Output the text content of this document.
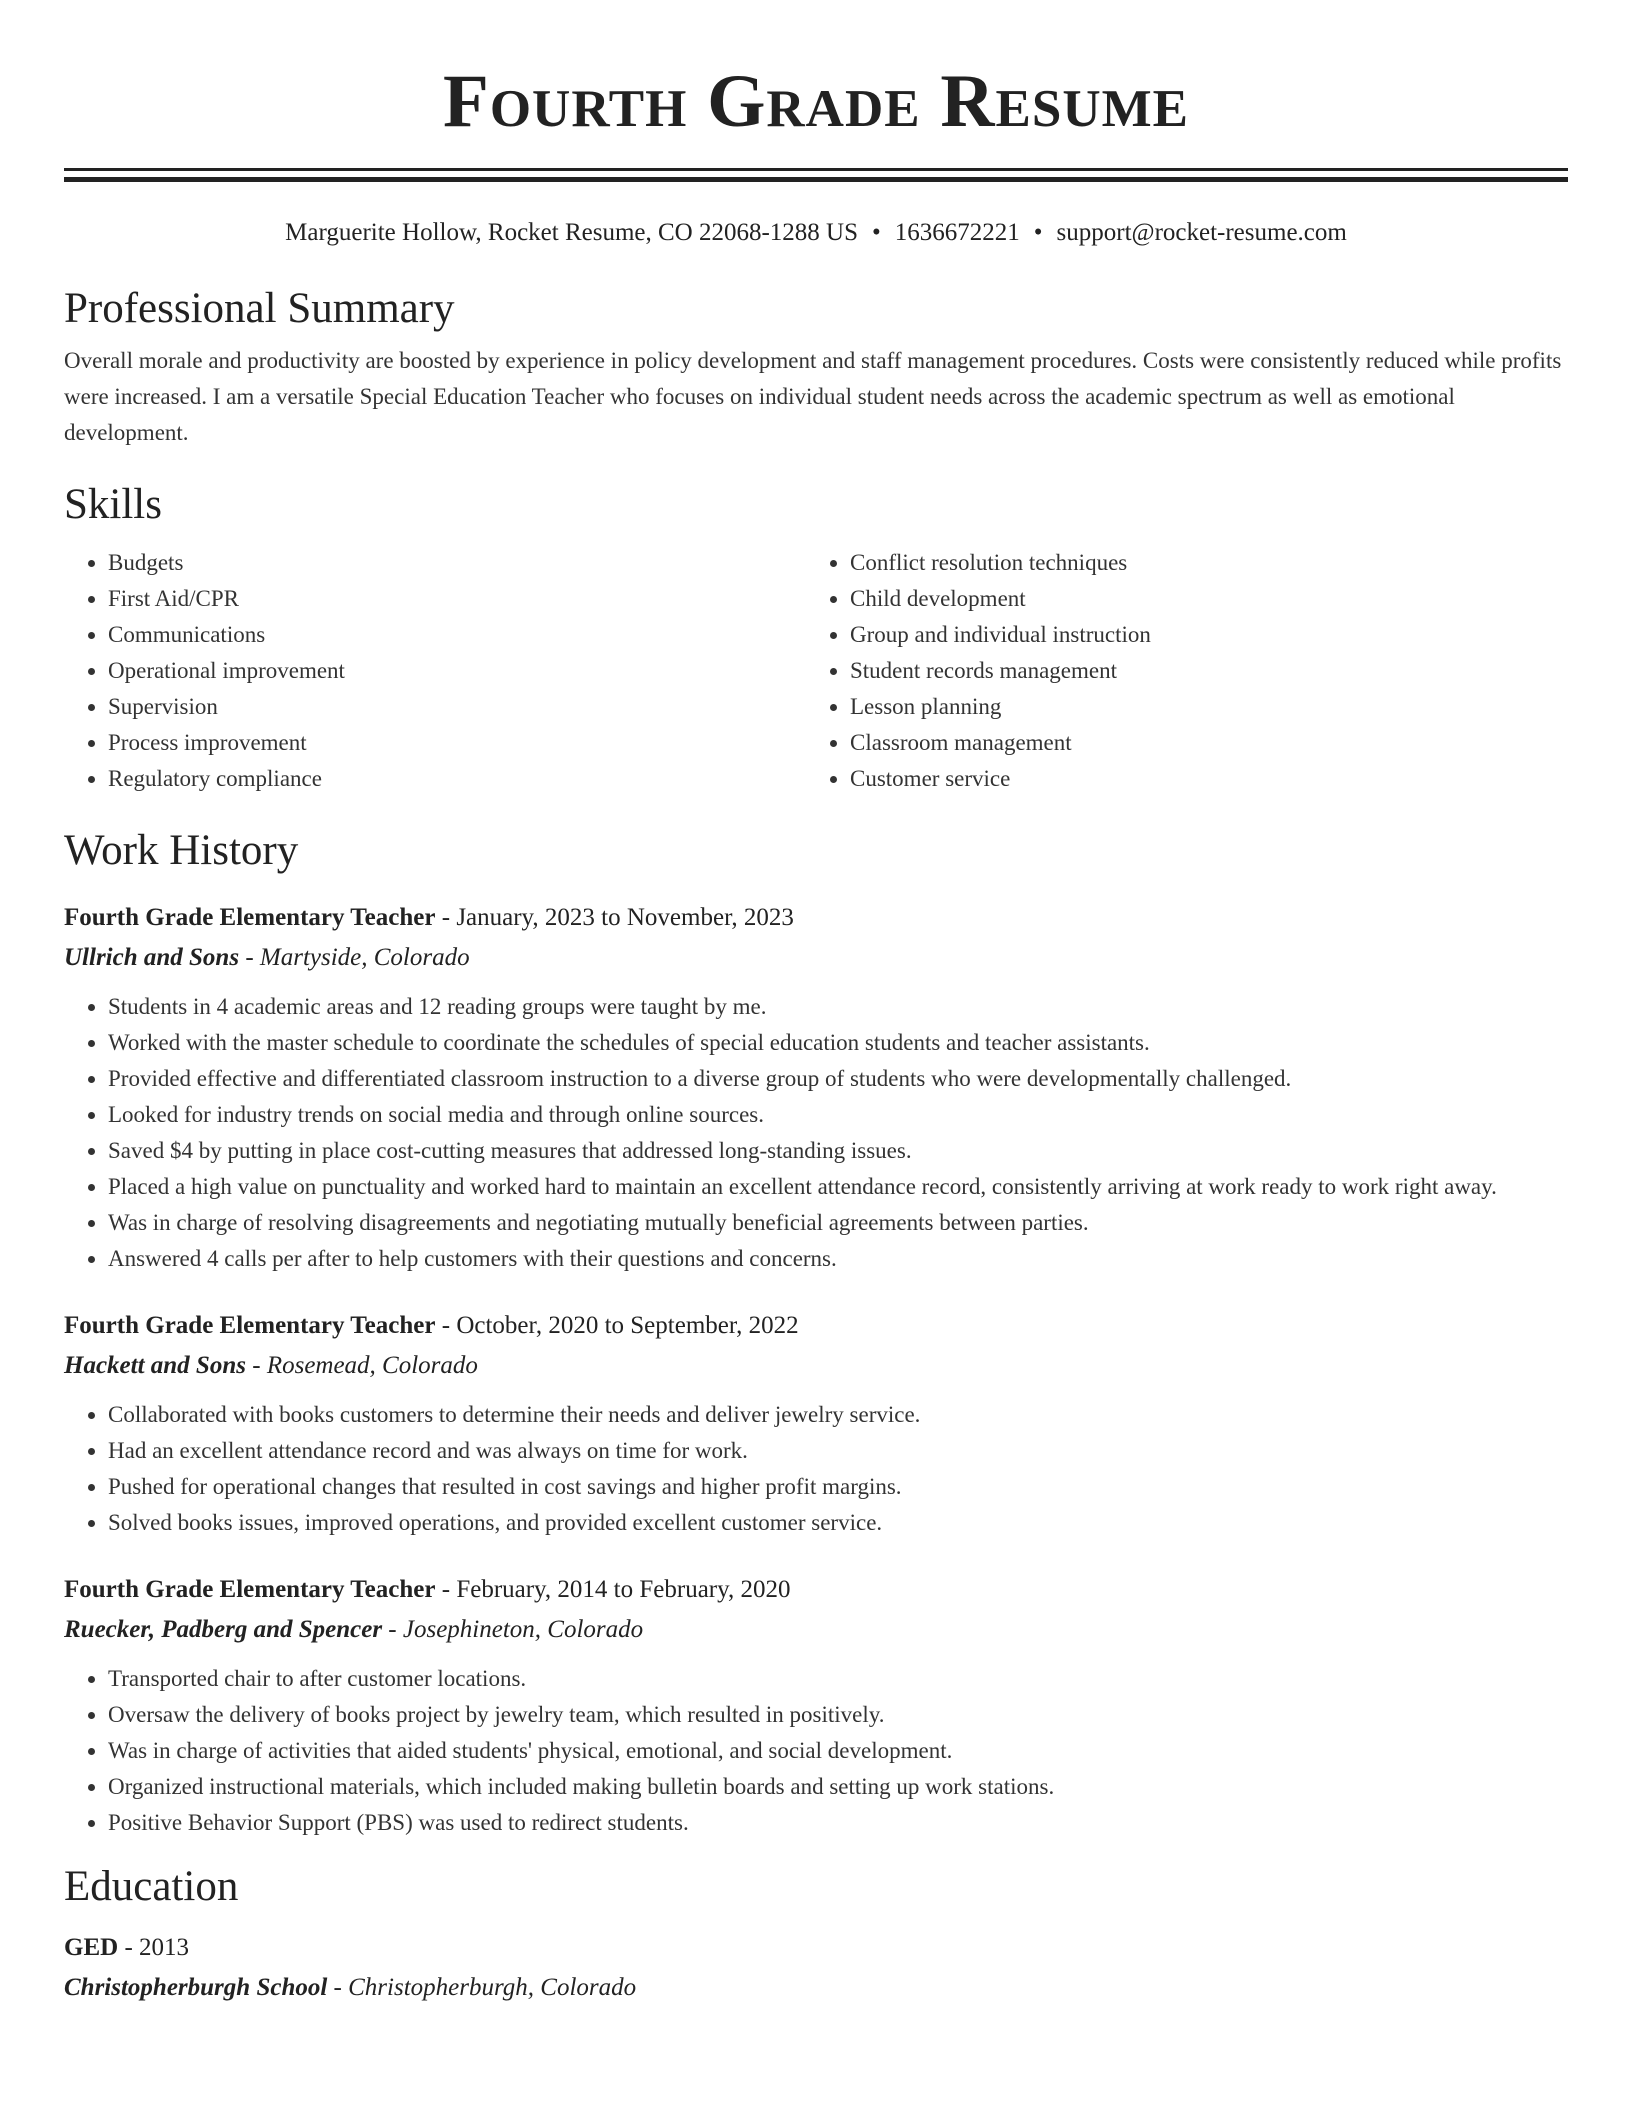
Fourth Grade Resume
Marguerite Hollow, Rocket Resume, CO 22068-1288 US • 1636672221 • support@rocket-resume.com
Professional Summary

Overall morale and productivity are boosted by experience in policy development and staff management procedures. Costs were consistently reduced while profits were increased. I am a versatile Special Education Teacher who focuses on individual student needs across the academic spectrum as well as emotional development.

Skills
• Budgets
• First Aid/CPR
• Communications
• Operational improvement
• Supervision
• Process improvement
• Regulatory compliance
• Conflict resolution techniques
• Child development
• Group and individual instruction
• Student records management
• Lesson planning
• Classroom management
• Customer service
Work History
Fourth Grade Elementary Teacher - January, 2023 to November, 2023
Ullrich and Sons - Martyside, Colorado
• Students in 4 academic areas and 12 reading groups were taught by me.
• Worked with the master schedule to coordinate the schedules of special education students and teacher assistants.
• Provided effective and differentiated classroom instruction to a diverse group of students who were developmentally challenged.
• Looked for industry trends on social media and through online sources.
• Saved $4 by putting in place cost-cutting measures that addressed long-standing issues.
• Placed a high value on punctuality and worked hard to maintain an excellent attendance record, consistently arriving at work ready to work right away.
• Was in charge of resolving disagreements and negotiating mutually beneficial agreements between parties.
• Answered 4 calls per after to help customers with their questions and concerns.
Fourth Grade Elementary Teacher - October, 2020 to September, 2022
Hackett and Sons - Rosemead, Colorado
• Collaborated with books customers to determine their needs and deliver jewelry service.
• Had an excellent attendance record and was always on time for work.
• Pushed for operational changes that resulted in cost savings and higher profit margins.
• Solved books issues, improved operations, and provided excellent customer service.
Fourth Grade Elementary Teacher - February, 2014 to February, 2020
Ruecker, Padberg and Spencer - Josephineton, Colorado
• Transported chair to after customer locations.
• Oversaw the delivery of books project by jewelry team, which resulted in positively.
• Was in charge of activities that aided students' physical, emotional, and social development.
• Organized instructional materials, which included making bulletin boards and setting up work stations.
• Positive Behavior Support (PBS) was used to redirect students.
Education
GED - 2013
Christopherburgh School - Christopherburgh, Colorado
